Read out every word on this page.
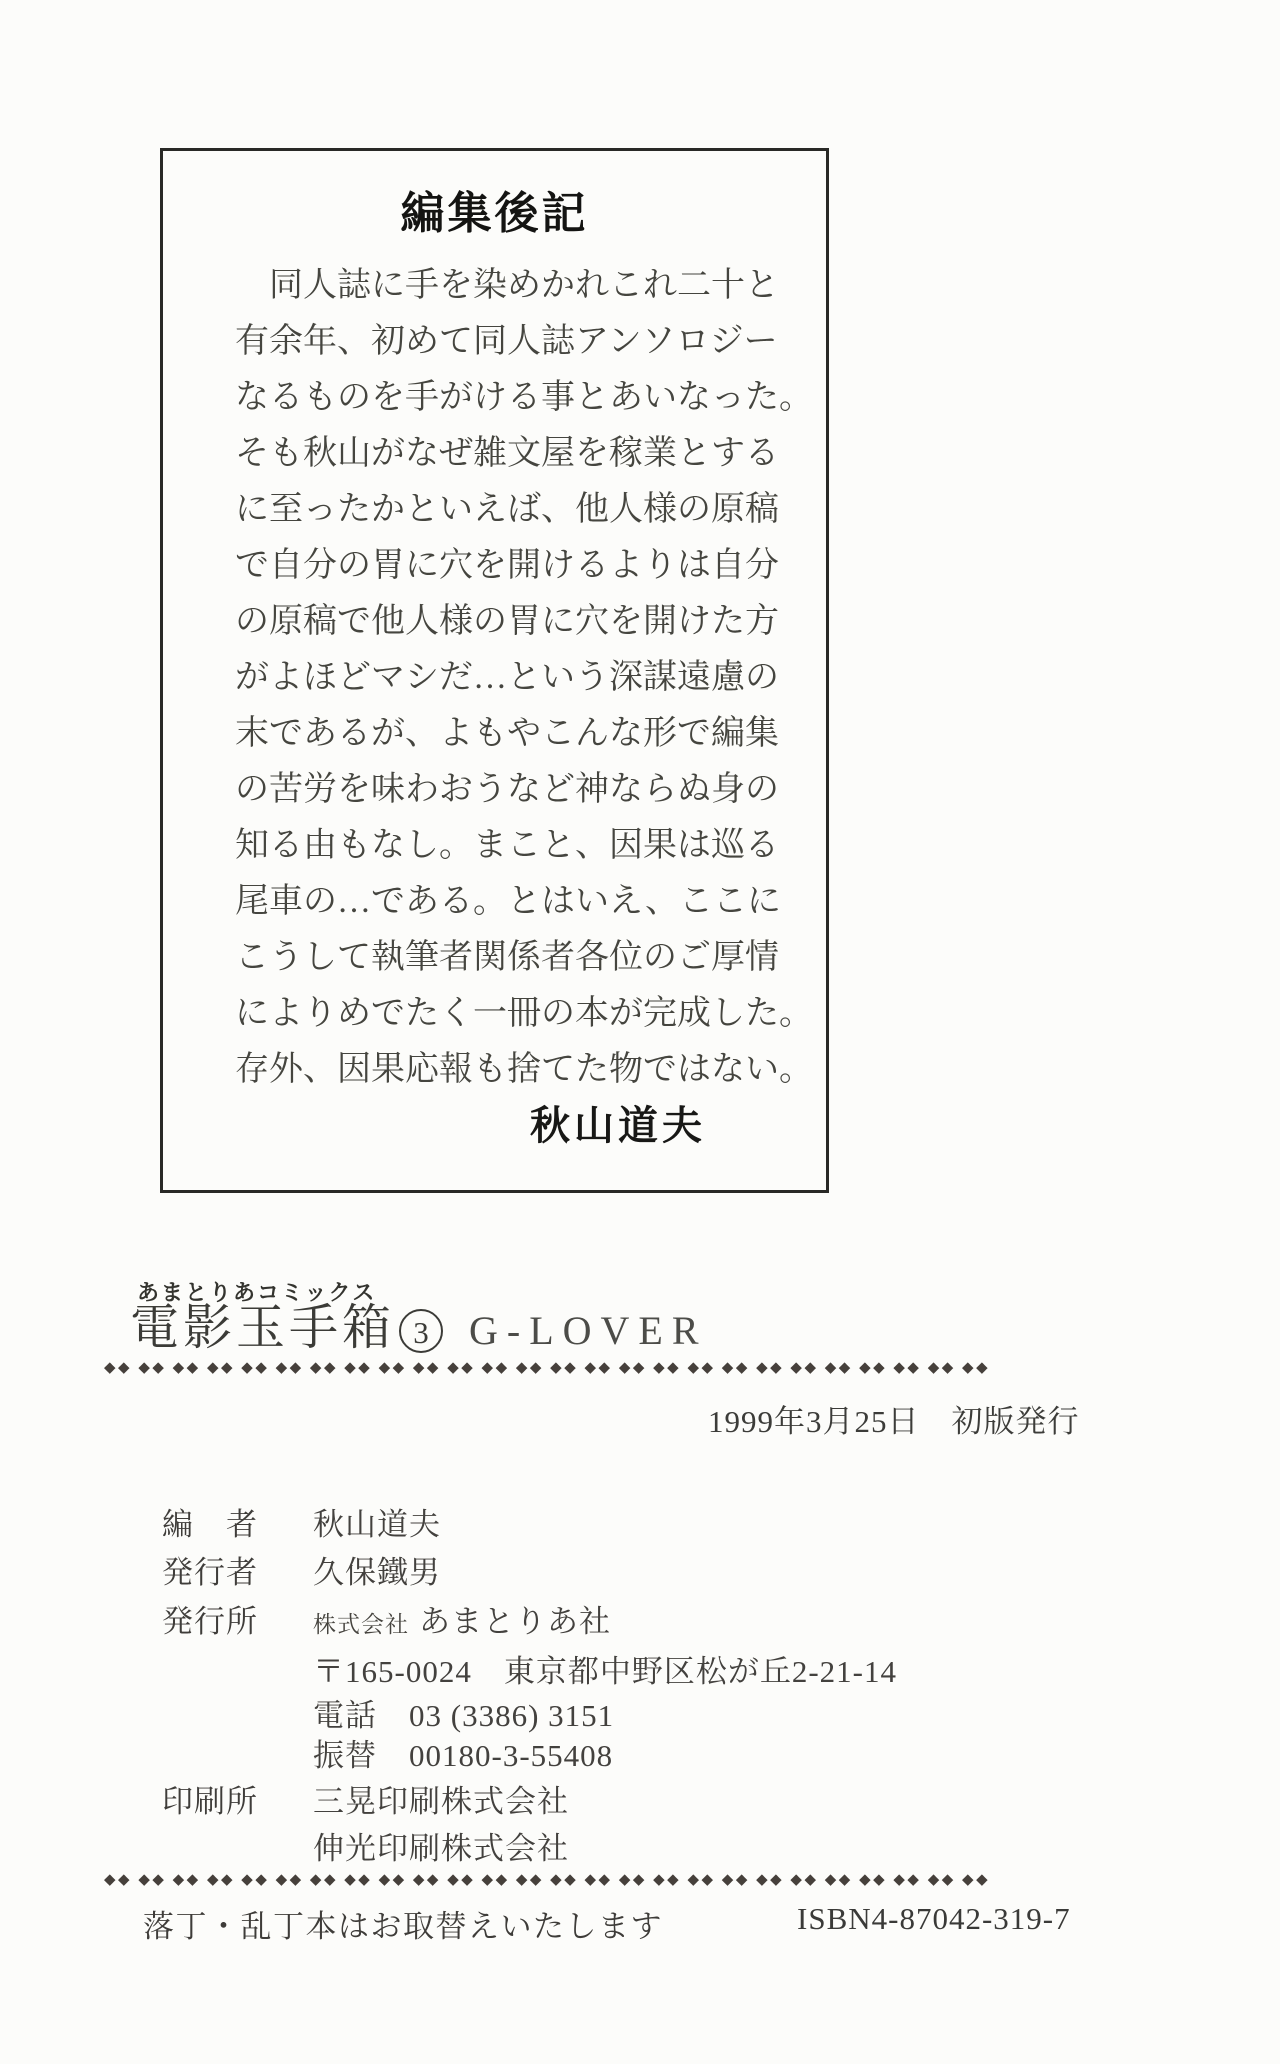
編集後記
　同人誌に手を染めかれこれ二十と
有余年、初めて同人誌アンソロジー
なるものを手がける事とあいなった。
そも秋山がなぜ雑文屋を稼業とする
に至ったかといえば、他人様の原稿
で自分の胃に穴を開けるよりは自分
の原稿で他人様の胃に穴を開けた方
がよほどマシだ…という深謀遠慮の
末であるが、よもやこんな形で編集
の苦労を味わおうなど神ならぬ身の
知る由もなし。まこと、因果は巡る
尾車の…である。とはいえ、ここに
こうして執筆者関係者各位のご厚情
によりめでたく一冊の本が完成した。
存外、因果応報も捨てた物ではない。
秋山道夫
あまとりあコミックス
電影玉手箱 3 G-LOVER
◆◆ ◆◆ ◆◆ ◆◆ ◆◆ ◆◆ ◆◆ ◆◆ ◆◆ ◆◆ ◆◆ ◆◆ ◆◆ ◆◆ ◆◆ ◆◆ ◆◆ ◆◆ ◆◆ ◆◆ ◆◆ ◆◆ ◆◆ ◆◆ ◆◆ ◆◆
1999年3月25日　初版発行
編　者 秋山道夫
発行者 久保鐵男
発行所 株式会社 あまとりあ社
〒165-0024　東京都中野区松が丘2-21-14
電話　03 (3386) 3151
振替　00180-3-55408
印刷所 三晃印刷株式会社
伸光印刷株式会社
◆◆ ◆◆ ◆◆ ◆◆ ◆◆ ◆◆ ◆◆ ◆◆ ◆◆ ◆◆ ◆◆ ◆◆ ◆◆ ◆◆ ◆◆ ◆◆ ◆◆ ◆◆ ◆◆ ◆◆ ◆◆ ◆◆ ◆◆ ◆◆ ◆◆ ◆◆
落丁・乱丁本はお取替えいたします	ISBN4-87042-319-7
